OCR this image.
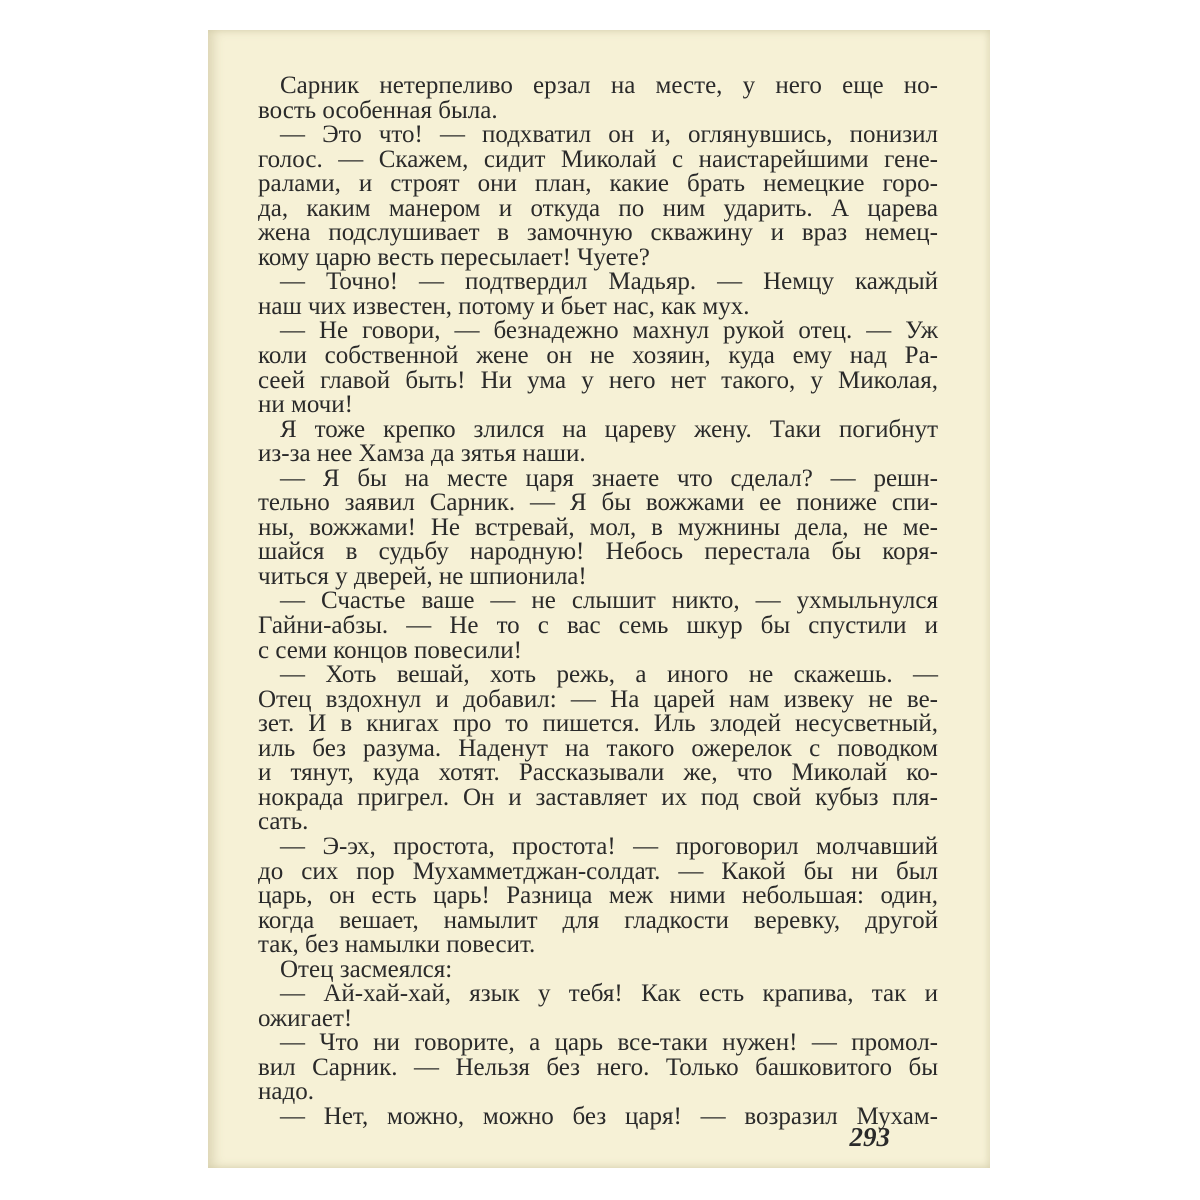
Сарник нетерпеливо ерзал на месте, у него еще но-
вость особенная была.
— Это что! — подхватил он и, оглянувшись, понизил
голос. — Скажем, сидит Миколай с наистарейшими гене-
ралами, и строят они план, какие брать немецкие горо-
да, каким манером и откуда по ним ударить. А царева
жена подслушивает в замочную скважину и враз немец-
кому царю весть пересылает! Чуете?
— Точно! — подтвердил Мадьяр. — Немцу каждый
наш чих известен, потому и бьет нас, как мух.
— Не говори, — безнадежно махнул рукой отец. — Уж
коли собственной жене он не хозяин, куда ему над Ра-
сеей главой быть! Ни ума у него нет такого, у Миколая,
ни мочи!
Я тоже крепко злился на цареву жену. Таки погибнут
из-за нее Хамза да зятья наши.
— Я бы на месте царя знаете что сделал? — решн-
тельно заявил Сарник. — Я бы вожжами ее пониже спи-
ны, вожжами! Не встревай, мол, в мужнины дела, не ме-
шайся в судьбу народную! Небось перестала бы коря-
читься у дверей, не шпионила!
— Счастье ваше — не слышит никто, — ухмыльнулся
Гайни-абзы. — Не то с вас семь шкур бы спустили и
с семи концов повесили!
— Хоть вешай, хоть режь, а иного не скажешь. —
Отец вздохнул и добавил: — На царей нам извеку не ве-
зет. И в книгах про то пишется. Иль злодей несусветный,
иль без разума. Наденут на такого ожерелок с поводком
и тянут, куда хотят. Рассказывали же, что Миколай ко-
нокрада пригрел. Он и заставляет их под свой кубыз пля-
сать.
— Э-эх, простота, простота! — проговорил молчавший
до сих пор Мухамметджан-солдат. — Какой бы ни был
царь, он есть царь! Разница меж ними небольшая: один,
когда вешает, намылит для гладкости веревку, другой
так, без намылки повесит.
Отец засмеялся:
— Ай-хай-хай, язык у тебя! Как есть крапива, так и
ожигает!
— Что ни говорите, а царь все-таки нужен! — промол-
вил Сарник. — Нельзя без него. Только башковитого бы
надо.
— Нет, можно, можно без царя! — возразил Мухам-
293
